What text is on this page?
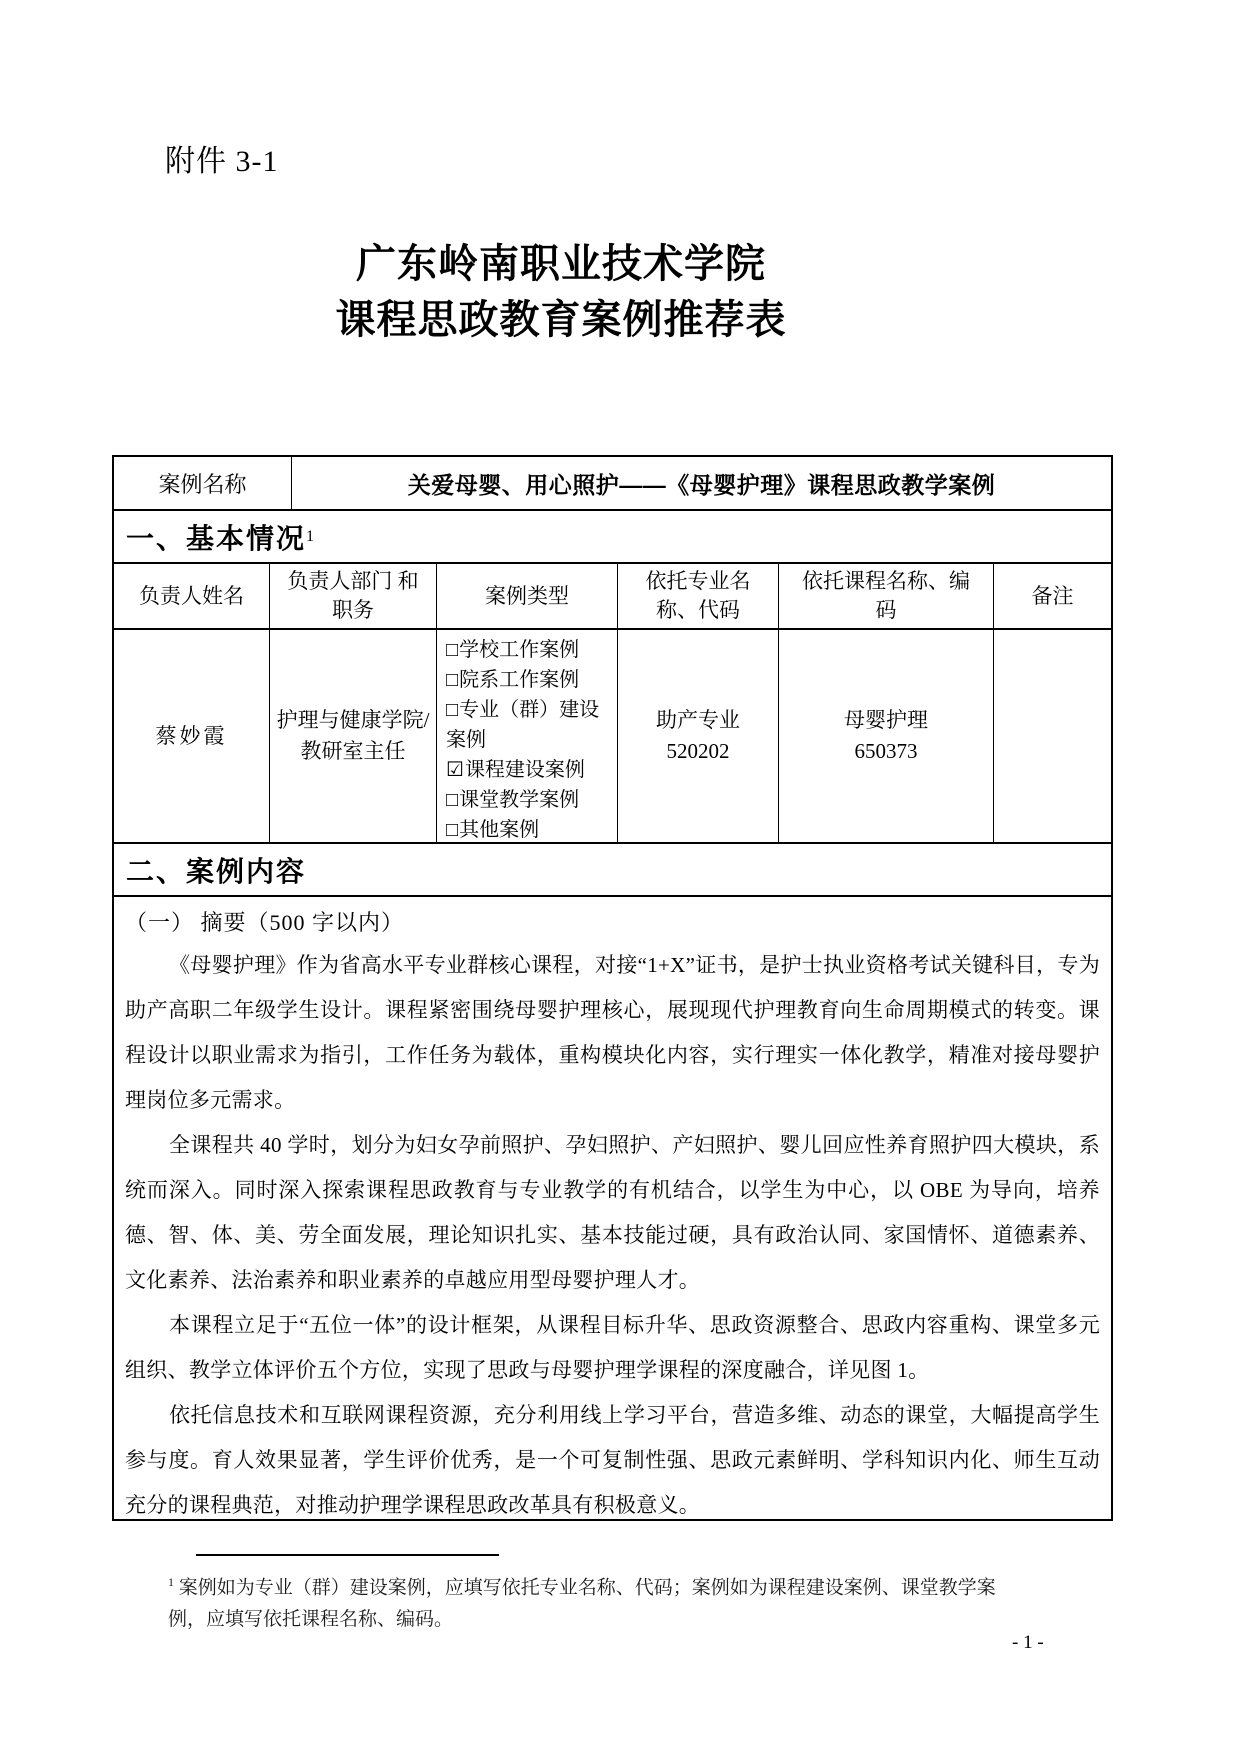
附件 3-1
广东岭南职业技术学院
课程思政教育案例推荐表
案例名称	关爱母婴、用心照护——《母婴护理》课程思政教学案例
一、基本情况 1
负责人姓名
负责人部门 和职务
案例类型
依托专业名 称、代码
依托课程名称、编 码
备注
蔡妙霞
护理与健康学院/教研室主任
□学校工作案例
□院系工作案例
□专业（群）建设案例
☑课程建设案例
□课堂教学案例
□其他案例
助产专业
520202
母婴护理
650373
二、案例内容
（一） 摘要（500 字以内）

《母婴护理》作为省高水平专业群核心课程，对接“1+X”证书，是护士执业资格考试关键科目，专为助产高职二年级学生设计。课程紧密围绕母婴护理核心，展现现代护理教育向生命周期模式的转变。课程设计以职业需求为指引，工作任务为载体，重构模块化内容，实行理实一体化教学，精准对接母婴护理岗位多元需求。

全课程共 40 学时，划分为妇女孕前照护、孕妇照护、产妇照护、婴儿回应性养育照护四大模块，系统而深入。同时深入探索课程思政教育与专业教学的有机结合，以学生为中心，以 OBE 为导向，培养德、智、体、美、劳全面发展，理论知识扎实、基本技能过硬，具有政治认同、家国情怀、道德素养、文化素养、法治素养和职业素养的卓越应用型母婴护理人才。

本课程立足于“五位一体”的设计框架，从课程目标升华、思政资源整合、思政内容重构、课堂多元组织、教学立体评价五个方位，实现了思政与母婴护理学课程的深度融合，详见图 1。

依托信息技术和互联网课程资源，充分利用线上学习平台，营造多维、动态的课堂，大幅提高学生参与度。育人效果显著，学生评价优秀，是一个可复制性强、思政元素鲜明、学科知识内化、师生互动充分的课程典范，对推动护理学课程思政改革具有积极意义。

$^1$ 案例如为专业（群）建设案例，应填写依托专业名称、代码；案例如为课程建设案例、课堂教学案例，应填写依托课程名称、编码。
- 1 -
